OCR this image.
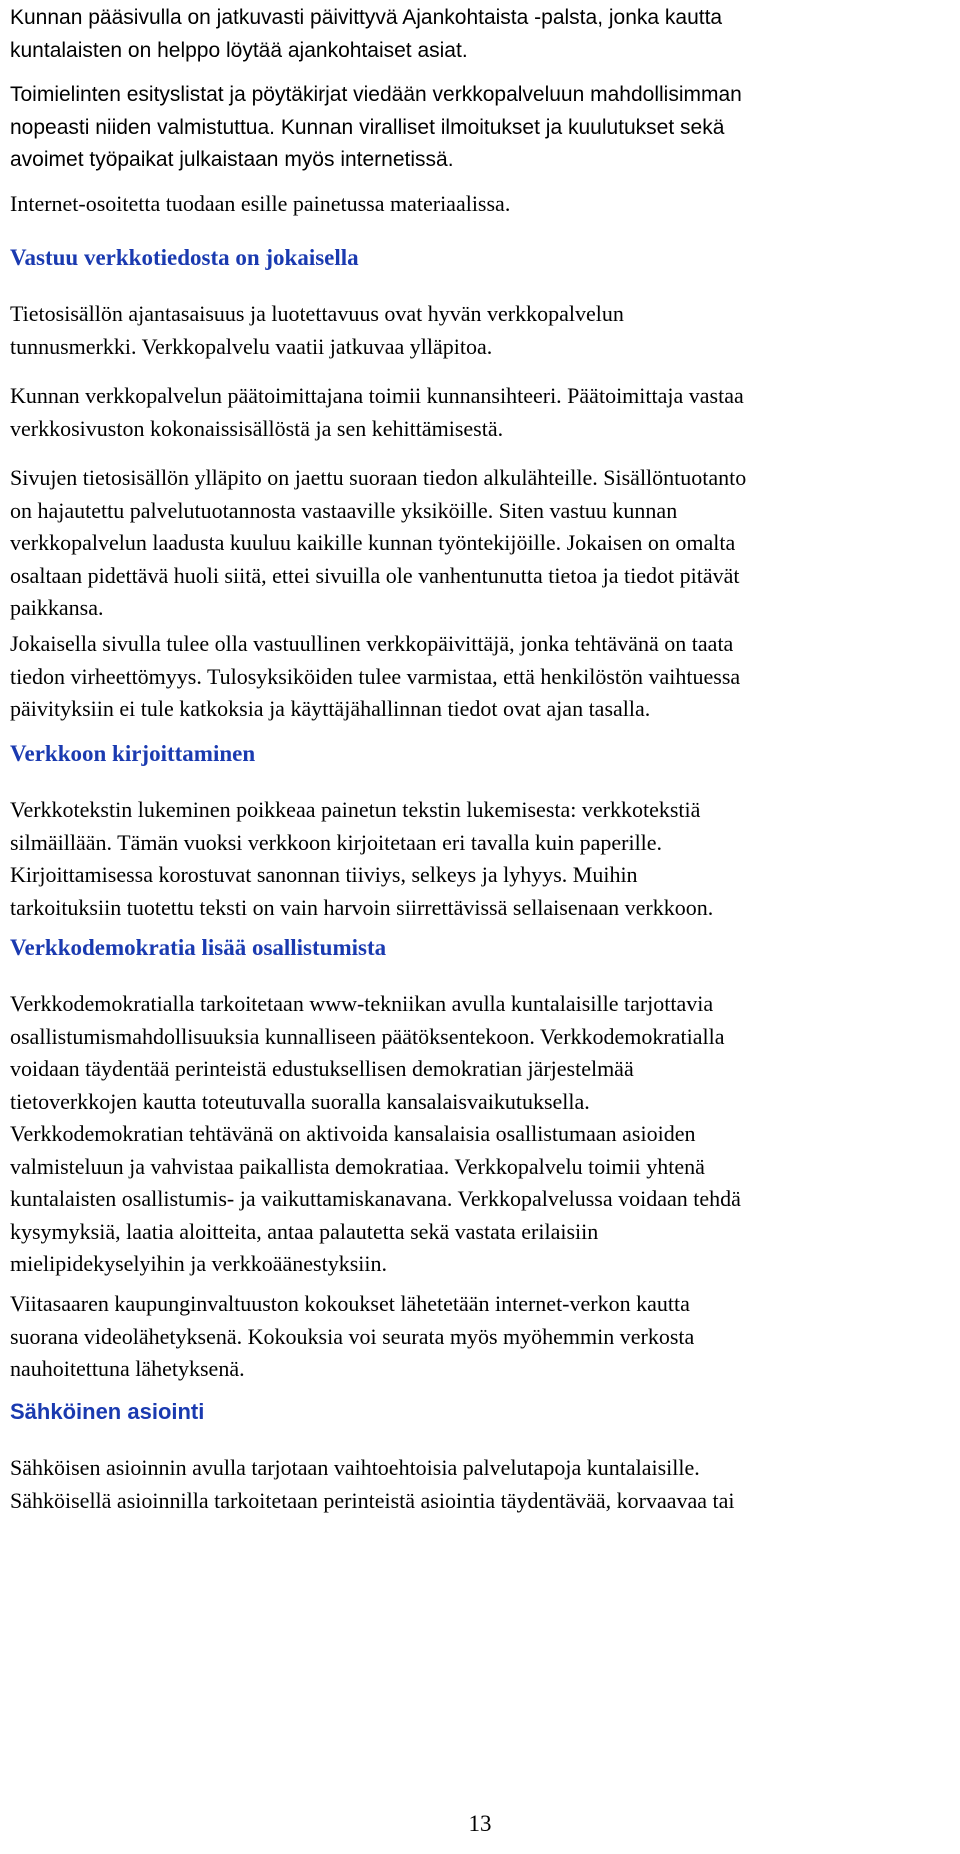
Kunnan pääsivulla on jatkuvasti päivittyvä Ajankohtaista -palsta, jonka kautta
kuntalaisten on helppo löytää ajankohtaiset asiat.

Toimielinten esityslistat ja pöytäkirjat viedään verkkopalveluun mahdollisimman
nopeasti niiden valmistuttua. Kunnan viralliset ilmoitukset ja kuulutukset sekä
avoimet työpaikat julkaistaan myös internetissä.

Internet-osoitetta tuodaan esille painetussa materiaalissa.

Vastuu verkkotiedosta on jokaisella

Tietosisällön ajantasaisuus ja luotettavuus ovat hyvän verkkopalvelun
tunnusmerkki. Verkkopalvelu vaatii jatkuvaa ylläpitoa.

Kunnan verkkopalvelun päätoimittajana toimii kunnansihteeri. Päätoimittaja vastaa
verkkosivuston kokonaissisällöstä ja sen kehittämisestä.

Sivujen tietosisällön ylläpito on jaettu suoraan tiedon alkulähteille. Sisällöntuotanto
on hajautettu palvelutuotannosta vastaaville yksiköille. Siten vastuu kunnan
verkkopalvelun laadusta kuuluu kaikille kunnan työntekijöille. Jokaisen on omalta
osaltaan pidettävä huoli siitä, ettei sivuilla ole vanhentunutta tietoa ja tiedot pitävät
paikkansa.

Jokaisella sivulla tulee olla vastuullinen verkkopäivittäjä, jonka tehtävänä on taata
tiedon virheettömyys. Tulosyksiköiden tulee varmistaa, että henkilöstön vaihtuessa
päivityksiin ei tule katkoksia ja käyttäjähallinnan tiedot ovat ajan tasalla.

Verkkoon kirjoittaminen

Verkkotekstin lukeminen poikkeaa painetun tekstin lukemisesta: verkkotekstiä
silmäillään. Tämän vuoksi verkkoon kirjoitetaan eri tavalla kuin paperille.
Kirjoittamisessa korostuvat sanonnan tiiviys, selkeys ja lyhyys. Muihin
tarkoituksiin tuotettu teksti on vain harvoin siirrettävissä sellaisenaan verkkoon.

Verkkodemokratia lisää osallistumista

Verkkodemokratialla tarkoitetaan www-tekniikan avulla kuntalaisille tarjottavia
osallistumismahdollisuuksia kunnalliseen päätöksentekoon. Verkkodemokratialla
voidaan täydentää perinteistä edustuksellisen demokratian järjestelmää
tietoverkkojen kautta toteutuvalla suoralla kansalaisvaikutuksella.
Verkkodemokratian tehtävänä on aktivoida kansalaisia osallistumaan asioiden
valmisteluun ja vahvistaa paikallista demokratiaa. Verkkopalvelu toimii yhtenä
kuntalaisten osallistumis- ja vaikuttamiskanavana. Verkkopalvelussa voidaan tehdä
kysymyksiä, laatia aloitteita, antaa palautetta sekä vastata erilaisiin
mielipidekyselyihin ja verkkoäänestyksiin.

Viitasaaren kaupunginvaltuuston kokoukset lähetetään internet-verkon kautta
suorana videolähetyksenä. Kokouksia voi seurata myös myöhemmin verkosta
nauhoitettuna lähetyksenä.

Sähköinen asiointi

Sähköisen asioinnin avulla tarjotaan vaihtoehtoisia palvelutapoja kuntalaisille.
Sähköisellä asioinnilla tarkoitetaan perinteistä asiointia täydentävää, korvaavaa tai

13
